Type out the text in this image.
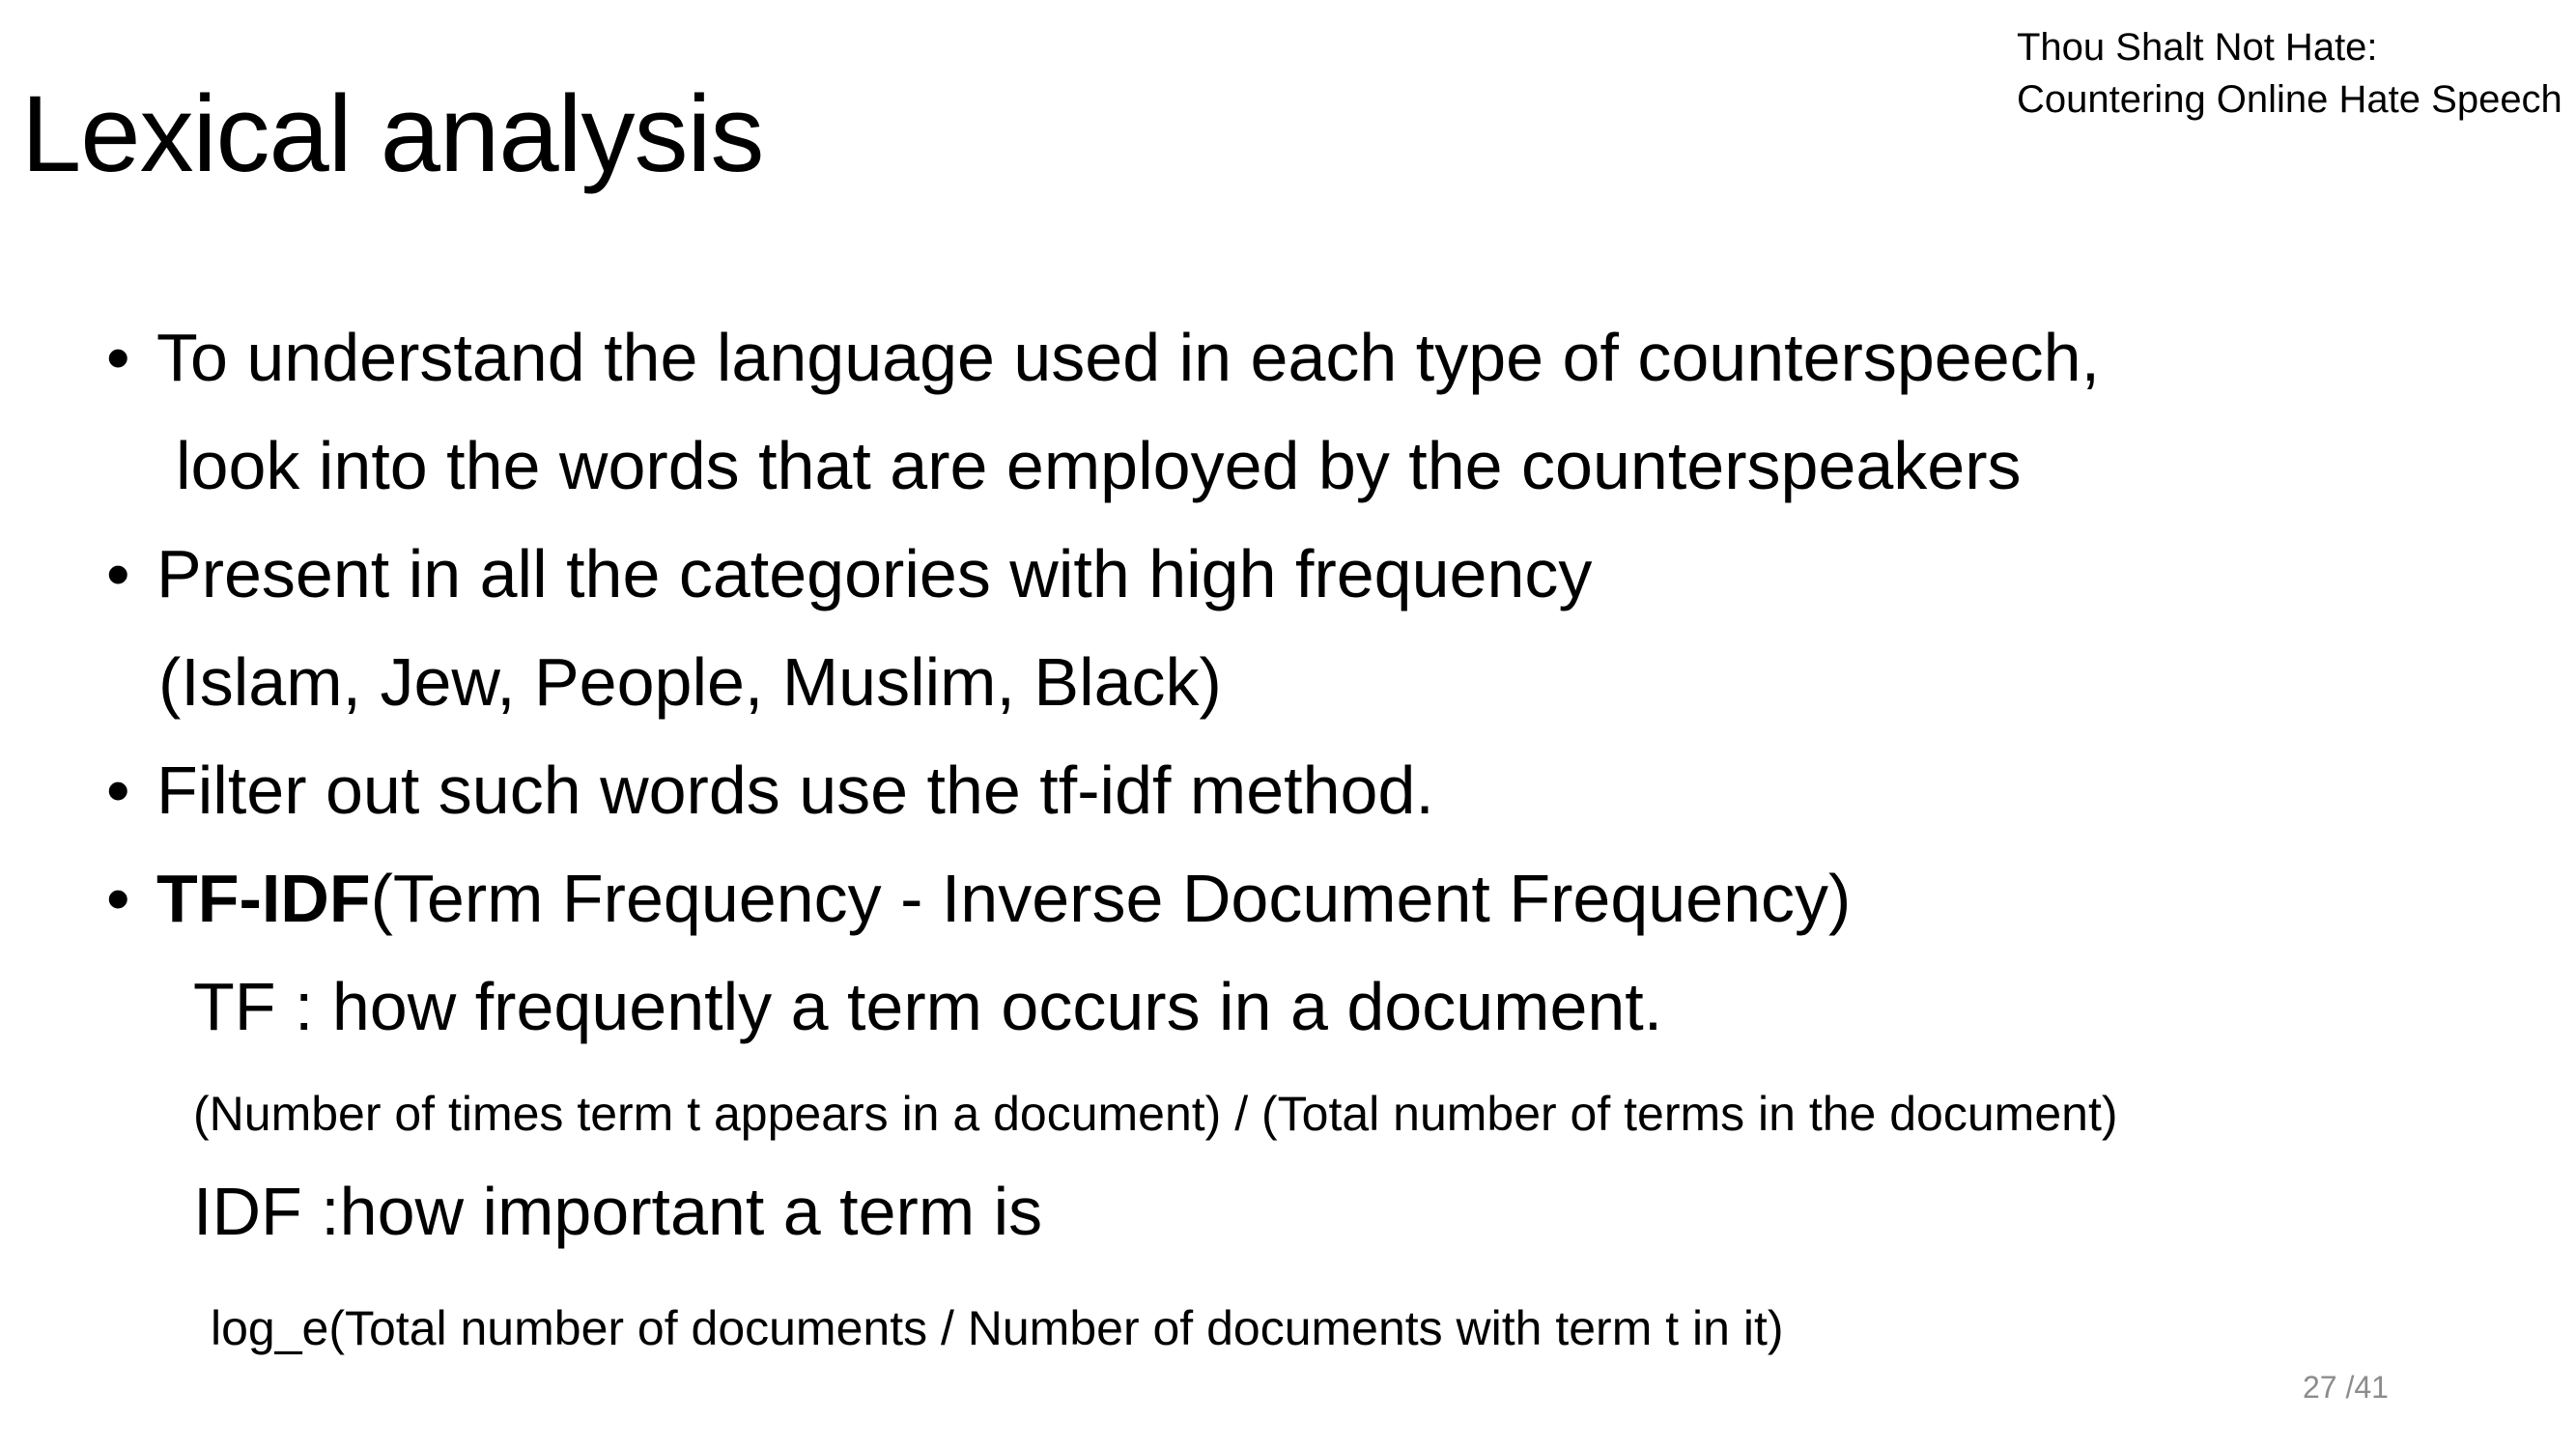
Lexical analysis
Thou Shalt Not Hate:
Countering Online Hate Speech
• To understand the language used in each type of counterspeech,
look into the words that are employed by the counterspeakers
• Present in all the categories with high frequency
(Islam, Jew, People, Muslim, Black)
• Filter out such words use the tf-idf method.
• TF-IDF(Term Frequency - Inverse Document Frequency)
TF : how frequently a term occurs in a document.
(Number of times term t appears in a document) / (Total number of terms in the document)
IDF :how important a term is
log_e(Total number of documents / Number of documents with term t in it)
27 /41
